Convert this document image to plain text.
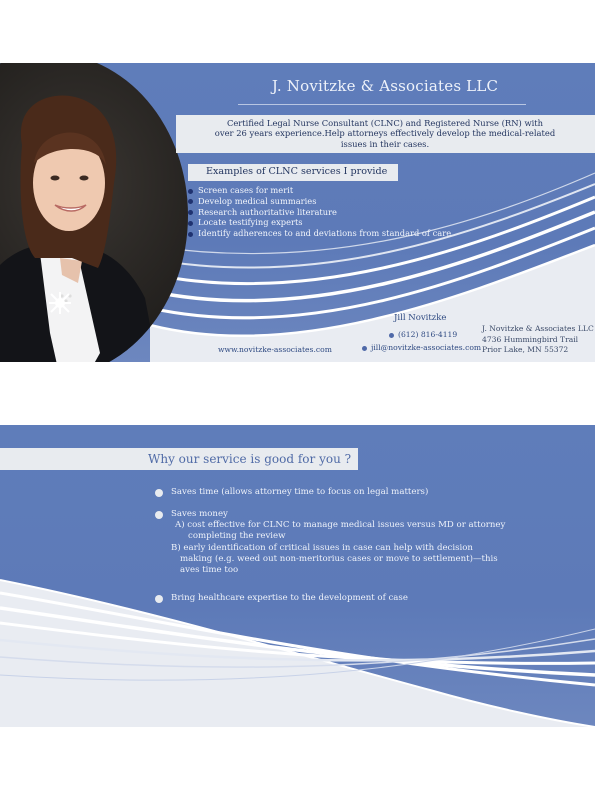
J. Novitzke & Associates LLC

Certified Legal Nurse Consultant (CLNC) and Registered Nurse (RN) with
over 26 years experience.Help attorneys effectively develop the medical-related
issues in their cases.

Examples of CLNC services I provide

Screen cases for merit
Develop medical summaries
Research authoritative literature
Locate testifying experts
Identify adherences to and deviations from standard of care

Jill Novitzke

(612) 816-4119

jill@novitzke-associates.com

www.novitzke-associates.com

J. Novitzke & Associates LLC
4736 Hummingbird Trail
Prior Lake, MN 55372

Why our service is good for you ?

Saves time (allows attorney time to focus on legal matters)

Saves money
A) cost effective for CLNC to manage medical issues versus MD or attorney
completing the review
B) early identification of critical issues in case can help with decision
making (e.g. weed out non-meritorius cases or move to settlement)—this
aves time too

Bring healthcare expertise to the development of case
